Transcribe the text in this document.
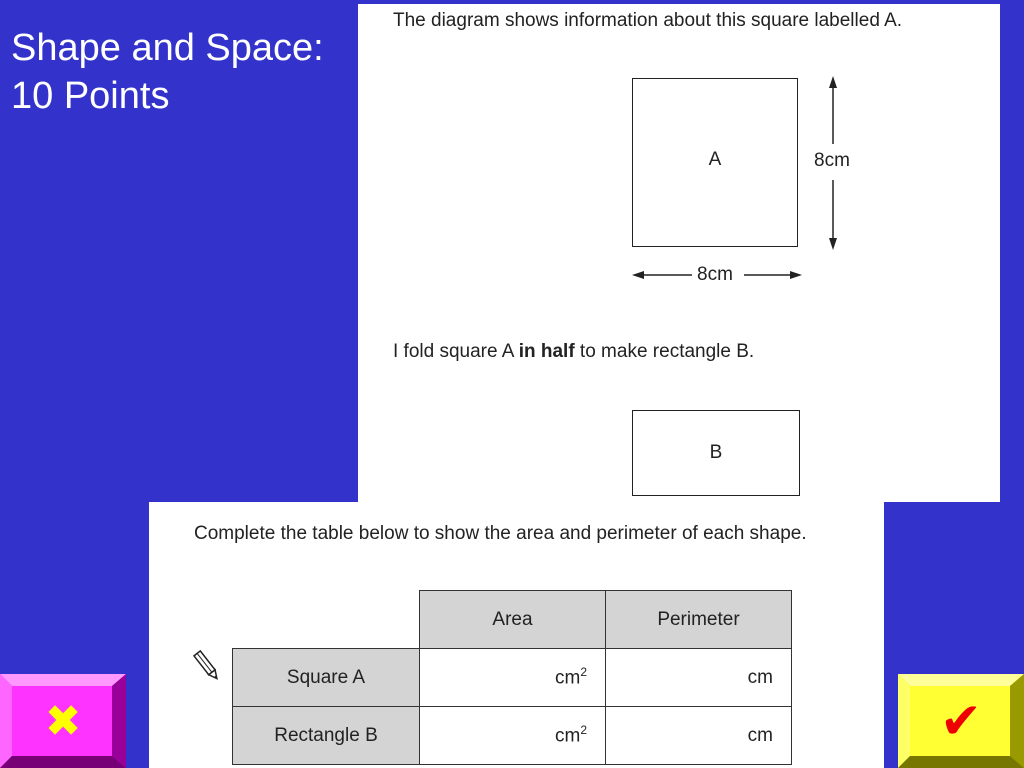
Shape and Space:
10 Points
The diagram shows information about this square labelled A.
A	8cm
8cm
I fold square A in half to make rectangle B.
B
Complete the table below to show the area and perimeter of each shape.
	Area	Perimeter
Square A	$cm^2$	cm
Rectangle B	$cm^2$	cm
✖	✔
